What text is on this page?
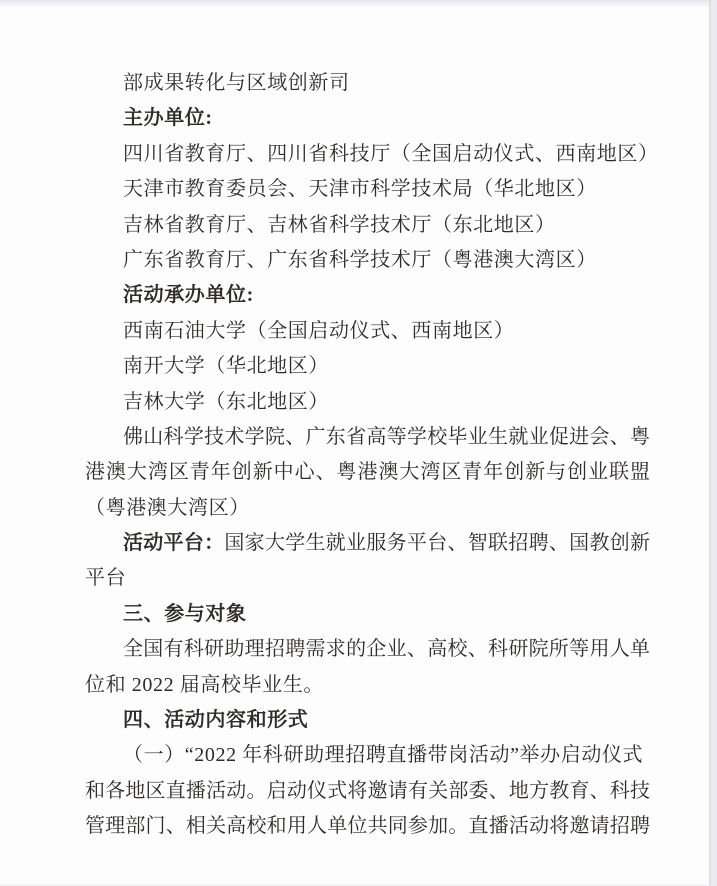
部成果转化与区域创新司
主办单位:
四川省教育厅、四川省科技厅（全国启动仪式、西南地区）
天津市教育委员会、天津市科学技术局（华北地区）
吉林省教育厅、吉林省科学技术厅（东北地区）
广东省教育厅、广东省科学技术厅（粤港澳大湾区）
活动承办单位:
西南石油大学（全国启动仪式、西南地区）
南开大学（华北地区）
吉林大学（东北地区）
佛山科学技术学院、广东省高等学校毕业生就业促进会、粤
港澳大湾区青年创新中心、粤港澳大湾区青年创新与创业联盟
（粤港澳大湾区）
活动平台：国家大学生就业服务平台、智联招聘、国教创新
平台
三、参与对象
全国有科研助理招聘需求的企业、高校、科研院所等用人单
位和 2022 届高校毕业生。
四、活动内容和形式
（一）“2022 年科研助理招聘直播带岗活动”举办启动仪式
和各地区直播活动。启动仪式将邀请有关部委、地方教育、科技
管理部门、相关高校和用人单位共同参加。直播活动将邀请招聘
